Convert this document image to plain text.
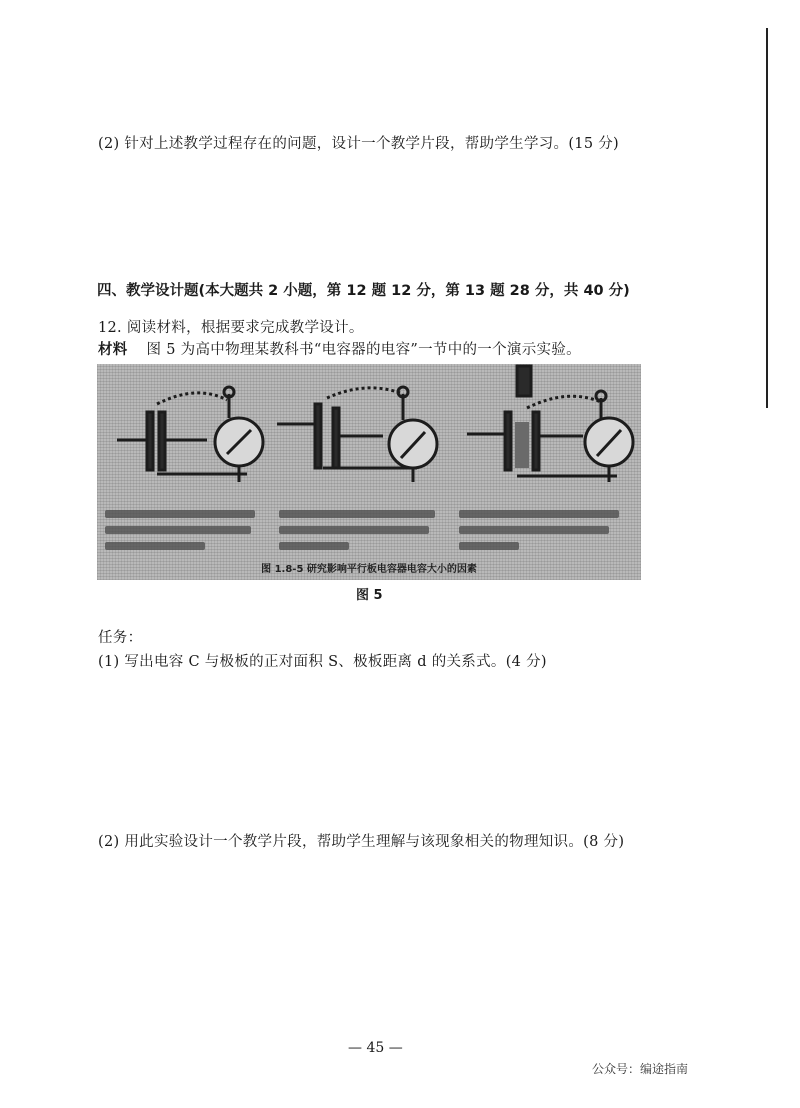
(2) 针对上述教学过程存在的问题，设计一个教学片段，帮助学生学习。(15 分)
四、教学设计题(本大题共 2 小题，第 12 题 12 分，第 13 题 28 分，共 40 分)
12. 阅读材料，根据要求完成教学设计。
材料 图 5 为高中物理某教科书“电容器的电容”一节中的一个演示实验。
图 1.8-5 研究影响平行板电容器电容大小的因素
图 5
任务：
(1) 写出电容 C 与极板的正对面积 S、极板距离 d 的关系式。(4 分)
(2) 用此实验设计一个教学片段，帮助学生理解与该现象相关的物理知识。(8 分)
— 45 —
公众号：编途指南
